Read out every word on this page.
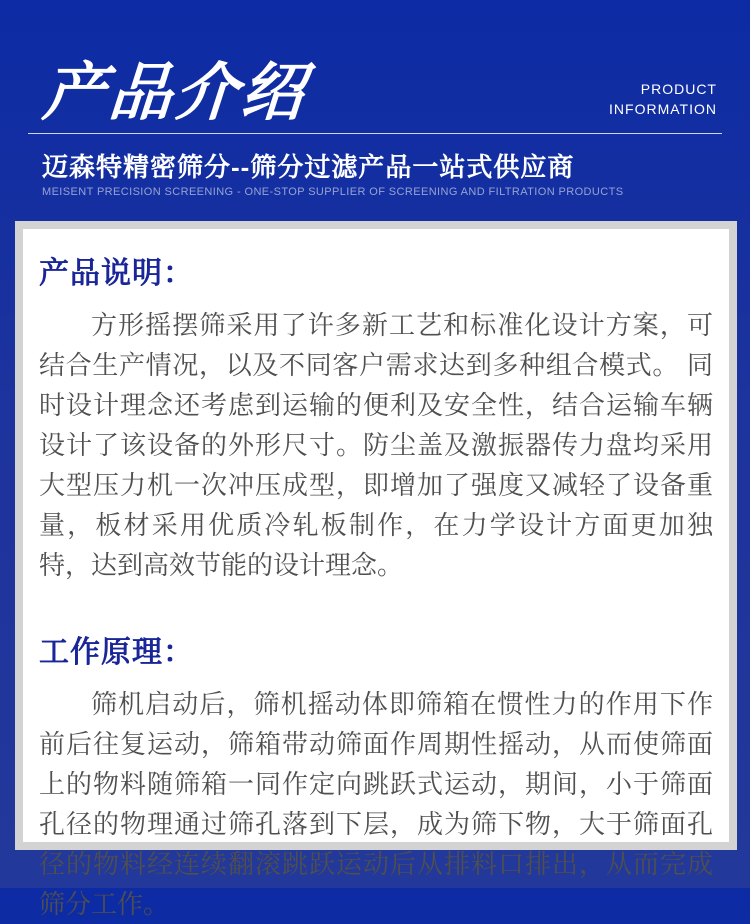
产品介绍	PRODUCT
INFORMATION
迈森特精密筛分--筛分过滤产品一站式供应商
MEISENT PRECISION SCREENING - ONE-STOP SUPPLIER OF SCREENING AND FILTRATION PRODUCTS
产品说明：

方形摇摆筛采用了许多新工艺和标准化设计方案，可结合生产情况，以及不同客户需求达到多种组合模式。 同时设计理念还考虑到运输的便利及安全性，结合运输车辆设计了该设备的外形尺寸。防尘盖及激振器传力盘均采用大型压力机一次冲压成型，即增加了强度又减轻了设备重量，板材采用优质冷轧板制作，在力学设计方面更加独特，达到高效节能的设计理念。

工作原理：

筛机启动后，筛机摇动体即筛箱在惯性力的作用下作前后往复运动，筛箱带动筛面作周期性摇动，从而使筛面上的物料随筛箱一同作定向跳跃式运动，期间，小于筛面孔径的物理通过筛孔落到下层，成为筛下物，大于筛面孔径的物料经连续翻滚跳跃运动后从排料口排出，从而完成筛分工作。
